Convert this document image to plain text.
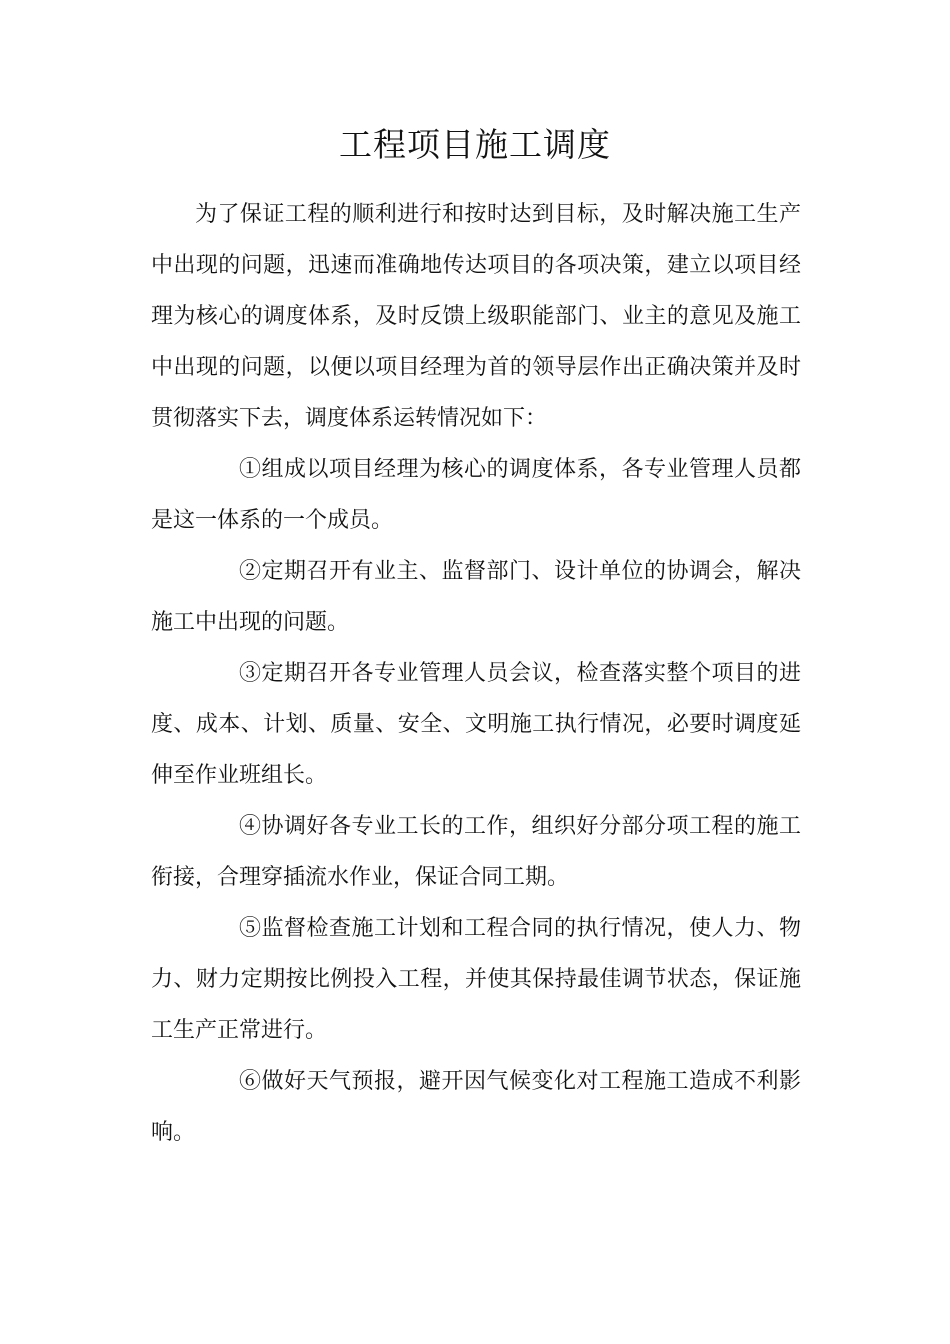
工程项目施工调度

为了保证工程的顺利进行和按时达到目标，及时解决施工生产中出现的问题，迅速而准确地传达项目的各项决策，建立以项目经理为核心的调度体系，及时反馈上级职能部门、业主的意见及施工中出现的问题，以便以项目经理为首的领导层作出正确决策并及时贯彻落实下去，调度体系运转情况如下：

①组成以项目经理为核心的调度体系，各专业管理人员都是这一体系的一个成员。

②定期召开有业主、监督部门、设计单位的协调会，解决施工中出现的问题。

③定期召开各专业管理人员会议，检查落实整个项目的进度、成本、计划、质量、安全、文明施工执行情况，必要时调度延伸至作业班组长。

④协调好各专业工长的工作，组织好分部分项工程的施工衔接，合理穿插流水作业，保证合同工期。

⑤监督检查施工计划和工程合同的执行情况，使人力、物力、财力定期按比例投入工程，并使其保持最佳调节状态，保证施工生产正常进行。

⑥做好天气预报，避开因气候变化对工程施工造成不利影响。
